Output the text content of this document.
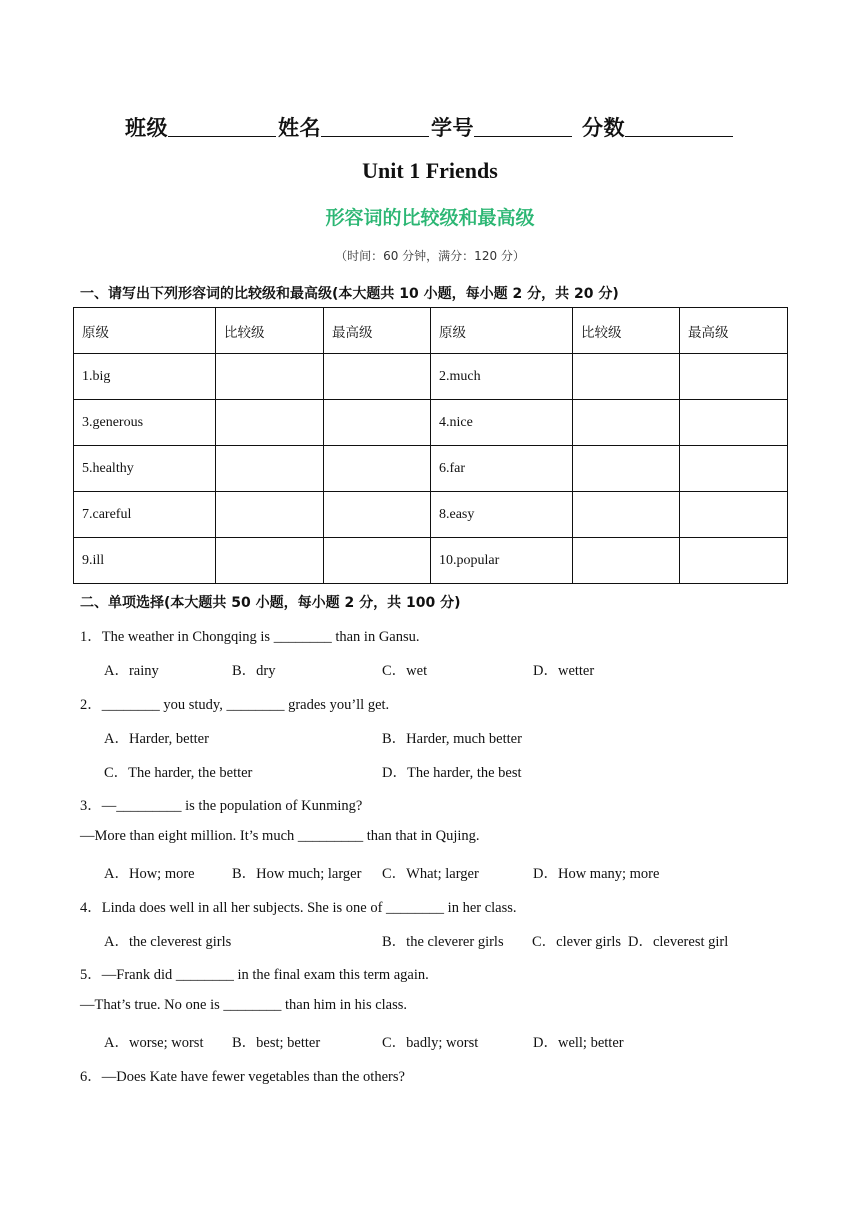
班级	姓名	学号	分数
Unit 1 Friends
形容词的比较级和最高级
（时间：60 分钟，满分：120 分）
一、请写出下列形容词的比较级和最高级(本大题共 10 小题，每小题 2 分，共 20 分)
原级	比较级	最高级	原级	比较级	最高级
1.big			2.much		
3.generous			4.nice		
5.healthy			6.far		
7.careful			8.easy		
9.ill			10.popular		
二、单项选择(本大题共 50 小题，每小题 2 分，共 100 分)
1．The weather in Chongqing is ________ than in Gansu.
A．rainy	B．dry	C．wet	D．wetter
2．________ you study, ________ grades you’ll get.
A．Harder, better	B．Harder, much better
C．The harder, the better	D．The harder, the best
3．—_________ is the population of Kunming?
—More than eight million. It’s much _________ than that in Qujing.
A．How; more	B．How much; larger C．What; larger	D．How many; more
4．Linda does well in all her subjects. She is one of ________ in her class.
A．the cleverest girls	B．the cleverer girls C．clever girls D．cleverest girl
5．—Frank did ________ in the final exam this term again.
—That’s true. No one is ________ than him in his class.
A．worse; worst B．best; better	C．badly; worst	D．well; better
6．—Does Kate have fewer vegetables than the others?
